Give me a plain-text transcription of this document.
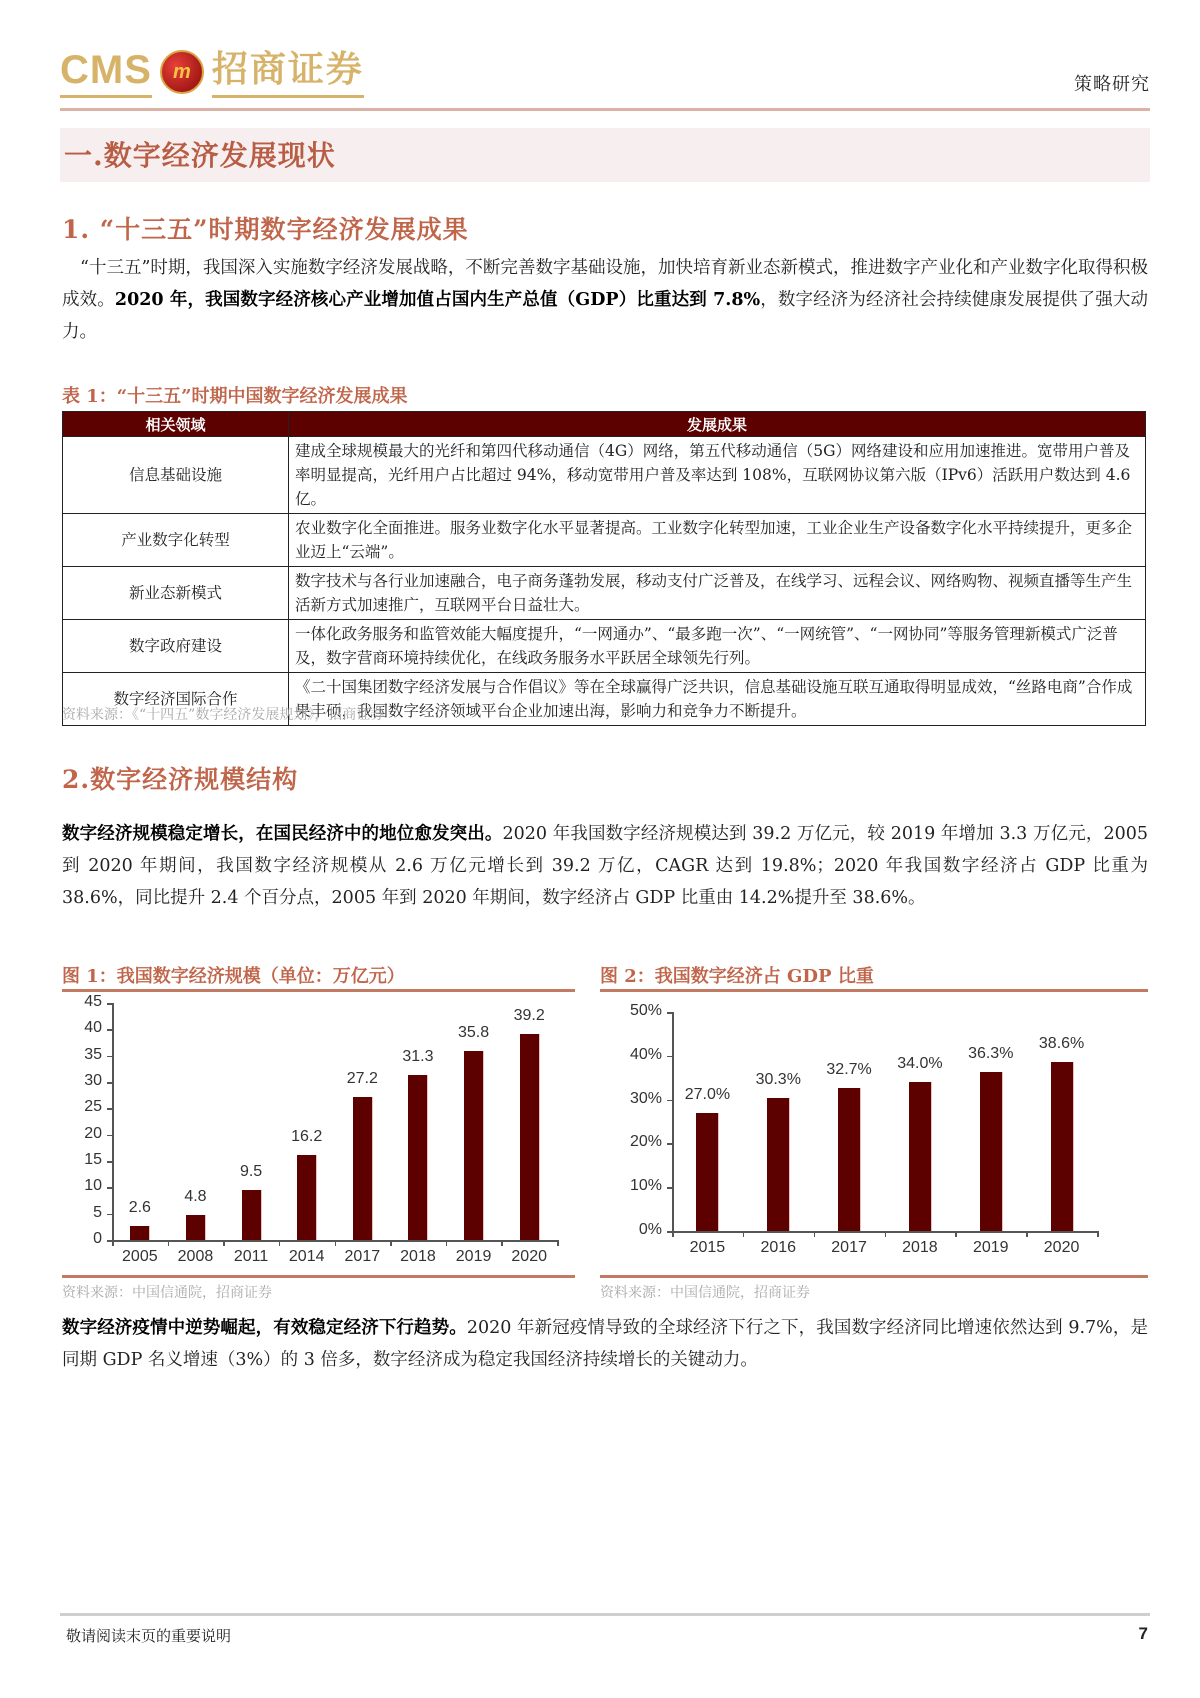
CMS	m 招商证券	策略研究
一.数字经济发展现状
1. “十三五”时期数字经济发展成果
“十三五”时期，我国深入实施数字经济发展战略，不断完善数字基础设施，加快培育新业态新模式，推进数字产业化和产业数字化取得积极成效。2020 年，我国数字经济核心产业增加值占国内生产总值（GDP）比重达到 7.8%，数字经济为经济社会持续健康发展提供了强大动力。
表 1：“十三五”时期中国数字经济发展成果
相关领域	发展成果
信息基础设施	建成全球规模最大的光纤和第四代移动通信（4G）网络，第五代移动通信（5G）网络建设和应用加速推进。宽带用户普及率明显提高，光纤用户占比超过 94%，移动宽带用户普及率达到 108%，互联网协议第六版（IPv6）活跃用户数达到 4.6 亿。
产业数字化转型	农业数字化全面推进。服务业数字化水平显著提高。工业数字化转型加速，工业企业生产设备数字化水平持续提升，更多企业迈上“云端”。
新业态新模式	数字技术与各行业加速融合，电子商务蓬勃发展，移动支付广泛普及，在线学习、远程会议、网络购物、视频直播等生产生活新方式加速推广，互联网平台日益壮大。
数字政府建设	一体化政务服务和监管效能大幅度提升，“一网通办”、“最多跑一次”、“一网统管”、“一网协同”等服务管理新模式广泛普及，数字营商环境持续优化，在线政务服务水平跃居全球领先行列。
数字经济国际合作	《二十国集团数字经济发展与合作倡议》等在全球赢得广泛共识，信息基础设施互联互通取得明显成效，“丝路电商”合作成果丰硕，我国数字经济领域平台企业加速出海，影响力和竞争力不断提升。
资料来源：《“十四五”数字经济发展规划》，招商证券
2.数字经济规模结构
数字经济规模稳定增长，在国民经济中的地位愈发突出。2020 年我国数字经济规模达到 39.2 万亿元，较 2019 年增加 3.3 万亿元，2005 到 2020 年期间，我国数字经济规模从 2.6 万亿元增长到 39.2 万亿，CAGR 达到 19.8%；2020 年我国数字经济占 GDP 比重为 38.6%，同比提升 2.4 个百分点，2005 年到 2020 年期间，数字经济占 GDP 比重由 14.2%提升至 38.6%。
图 1：我国数字经济规模（单位：万亿元）
资料来源：中国信通院，招商证券
图 2：我国数字经济占 GDP 比重
资料来源：中国信通院，招商证券
数字经济疫情中逆势崛起，有效稳定经济下行趋势。2020 年新冠疫情导致的全球经济下行之下，我国数字经济同比增速依然达到 9.7%，是同期 GDP 名义增速（3%）的 3 倍多，数字经济成为稳定我国经济持续增长的关键动力。
敬请阅读末页的重要说明	7
0
5
10
15
20
25
30
35
40
45
2.6
2005
4.8
2008
9.5
2011
16.2
2014
27.2
2017
31.3
2018
35.8
2019
39.2
2020
0%
10%
20%
30%
40%
50%
27.0%
2015
30.3%
2016
32.7%
2017
34.0%
2018
36.3%
2019
38.6%
2020
